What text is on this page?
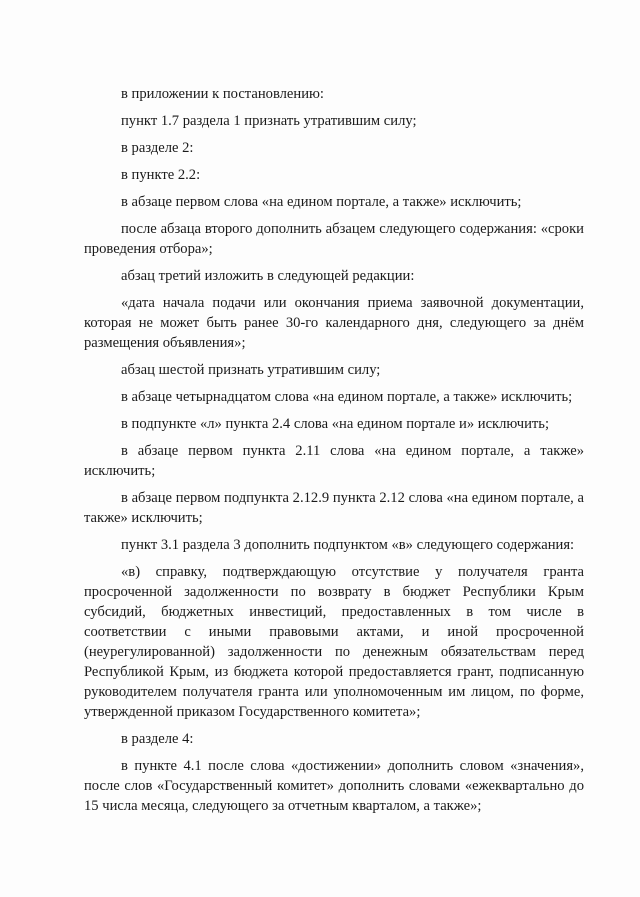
в приложении к постановлению:

пункт 1.7 раздела 1 признать утратившим силу;

в разделе 2:

в пункте 2.2:

в абзаце первом слова «на едином портале, а также» исключить;

после абзаца второго дополнить абзацем следующего содержания: «сроки проведения отбора»;

абзац третий изложить в следующей редакции:

«дата начала подачи или окончания приема заявочной документации, которая не может быть ранее 30-го календарного дня, следующего за днём размещения объявления»;

абзац шестой признать утратившим силу;

в абзаце четырнадцатом слова «на едином портале, а также» исключить;

в подпункте «л» пункта 2.4 слова «на едином портале и» исключить;

в абзаце первом пункта 2.11 слова «на едином портале, а также» исключить;

в абзаце первом подпункта 2.12.9 пункта 2.12 слова «на едином портале, а также» исключить;

пункт 3.1 раздела 3 дополнить подпунктом «в» следующего содержания:

«в) справку, подтверждающую отсутствие у получателя гранта просроченной задолженности по возврату в бюджет Республики Крым субсидий, бюджетных инвестиций, предоставленных в том числе в соответствии с иными правовыми актами, и иной просроченной (неурегулированной) задолженности по денежным обязательствам перед Республикой Крым, из бюджета которой предоставляется грант, подписанную руководителем получателя гранта или уполномоченным им лицом, по форме, утвержденной приказом Государственного комитета»;

в разделе 4:

в пункте 4.1 после слова «достижении» дополнить словом «значения», после слов «Государственный комитет» дополнить словами «ежеквартально до 15 числа месяца, следующего за отчетным кварталом, а также»;
